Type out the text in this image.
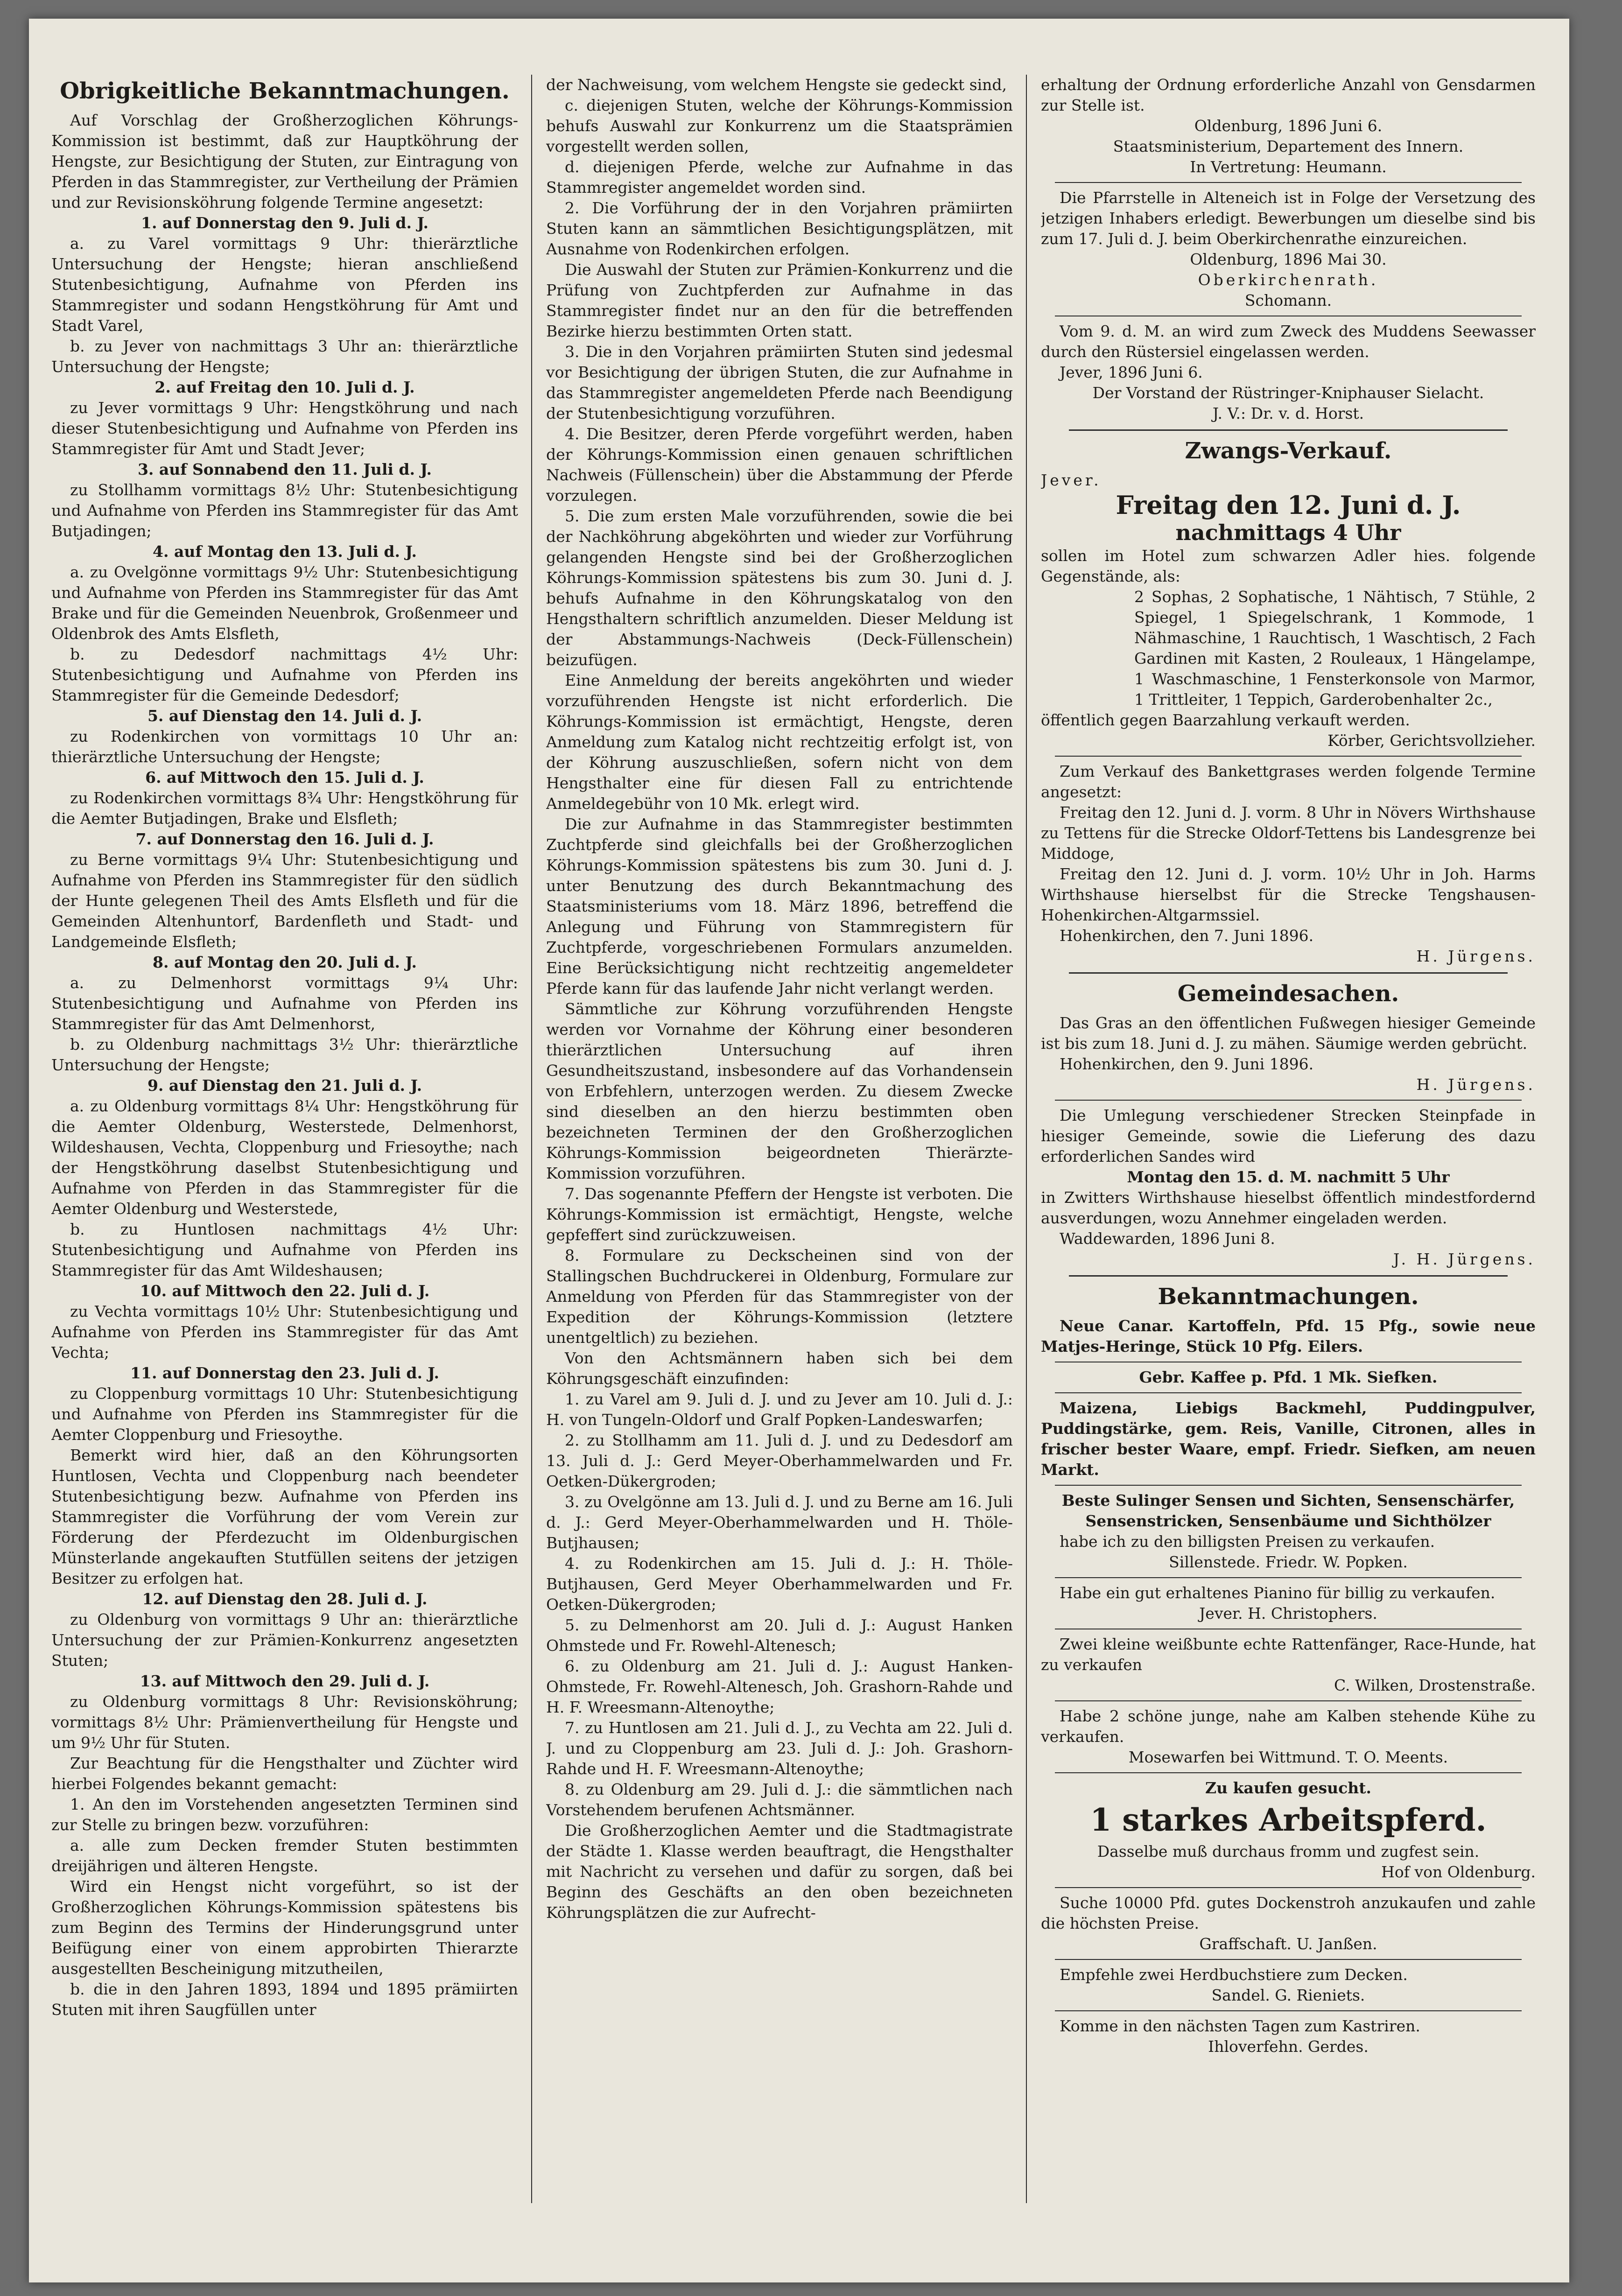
Obrigkeitliche Bekanntmachungen.

Auf Vorschlag der Großherzoglichen Köhrungs-Kommission ist bestimmt, daß zur Hauptköhrung der Hengste, zur Besichtigung der Stuten, zur Eintragung von Pferden in das Stammregister, zur Vertheilung der Prämien und zur Revisionsköhrung folgende Termine angesetzt:

1. auf Donnerstag den 9. Juli d. J.

a. zu Varel vormittags 9 Uhr: thierärztliche Untersuchung der Hengste; hieran anschließend Stutenbesichtigung, Aufnahme von Pferden ins Stammregister und sodann Hengstköhrung für Amt und Stadt Varel,

b. zu Jever von nachmittags 3 Uhr an: thierärztliche Untersuchung der Hengste;

2. auf Freitag den 10. Juli d. J.

zu Jever vormittags 9 Uhr: Hengstköhrung und nach dieser Stutenbesichtigung und Aufnahme von Pferden ins Stammregister für Amt und Stadt Jever;

3. auf Sonnabend den 11. Juli d. J.

zu Stollhamm vormittags 8½ Uhr: Stutenbesichtigung und Aufnahme von Pferden ins Stammregister für das Amt Butjadingen;

4. auf Montag den 13. Juli d. J.

a. zu Ovelgönne vormittags 9½ Uhr: Stutenbesichtigung und Aufnahme von Pferden ins Stammregister für das Amt Brake und für die Gemeinden Neuenbrok, Großenmeer und Oldenbrok des Amts Elsfleth,

b. zu Dedesdorf nachmittags 4½ Uhr: Stutenbesichtigung und Aufnahme von Pferden ins Stammregister für die Gemeinde Dedesdorf;

5. auf Dienstag den 14. Juli d. J.

zu Rodenkirchen von vormittags 10 Uhr an: thierärztliche Untersuchung der Hengste;

6. auf Mittwoch den 15. Juli d. J.

zu Rodenkirchen vormittags 8¾ Uhr: Hengstköhrung für die Aemter Butjadingen, Brake und Elsfleth;

7. auf Donnerstag den 16. Juli d. J.

zu Berne vormittags 9¼ Uhr: Stutenbesichtigung und Aufnahme von Pferden ins Stammregister für den südlich der Hunte gelegenen Theil des Amts Elsfleth und für die Gemeinden Altenhuntorf, Bardenfleth und Stadt- und Landgemeinde Elsfleth;

8. auf Montag den 20. Juli d. J.

a. zu Delmenhorst vormittags 9¼ Uhr: Stutenbesichtigung und Aufnahme von Pferden ins Stammregister für das Amt Delmenhorst,

b. zu Oldenburg nachmittags 3½ Uhr: thierärztliche Untersuchung der Hengste;

9. auf Dienstag den 21. Juli d. J.

a. zu Oldenburg vormittags 8¼ Uhr: Hengstköhrung für die Aemter Oldenburg, Westerstede, Delmenhorst, Wildeshausen, Vechta, Cloppenburg und Friesoythe; nach der Hengstköhrung daselbst Stutenbesichtigung und Aufnahme von Pferden in das Stammregister für die Aemter Oldenburg und Westerstede,

b. zu Huntlosen nachmittags 4½ Uhr: Stutenbesichtigung und Aufnahme von Pferden ins Stammregister für das Amt Wildeshausen;

10. auf Mittwoch den 22. Juli d. J.

zu Vechta vormittags 10½ Uhr: Stutenbesichtigung und Aufnahme von Pferden ins Stammregister für das Amt Vechta;

11. auf Donnerstag den 23. Juli d. J.

zu Cloppenburg vormittags 10 Uhr: Stutenbesichtigung und Aufnahme von Pferden ins Stammregister für die Aemter Cloppenburg und Friesoythe.

Bemerkt wird hier, daß an den Köhrungsorten Huntlosen, Vechta und Cloppenburg nach beendeter Stutenbesichtigung bezw. Aufnahme von Pferden ins Stammregister die Vorführung der vom Verein zur Förderung der Pferdezucht im Oldenburgischen Münsterlande angekauften Stutfüllen seitens der jetzigen Besitzer zu erfolgen hat.

12. auf Dienstag den 28. Juli d. J.

zu Oldenburg von vormittags 9 Uhr an: thierärztliche Untersuchung der zur Prämien-Konkurrenz angesetzten Stuten;

13. auf Mittwoch den 29. Juli d. J.

zu Oldenburg vormittags 8 Uhr: Revisionsköhrung; vormittags 8½ Uhr: Prämienvertheilung für Hengste und um 9½ Uhr für Stuten.

Zur Beachtung für die Hengsthalter und Züchter wird hierbei Folgendes bekannt gemacht:

1. An den im Vorstehenden angesetzten Terminen sind zur Stelle zu bringen bezw. vorzuführen:

a. alle zum Decken fremder Stuten bestimmten dreijährigen und älteren Hengste.

Wird ein Hengst nicht vorgeführt, so ist der Großherzoglichen Köhrungs-Kommission spätestens bis zum Beginn des Termins der Hinderungsgrund unter Beifügung einer von einem approbirten Thierarzte ausgestellten Bescheinigung mitzutheilen,

b. die in den Jahren 1893, 1894 und 1895 prämiirten Stuten mit ihren Saugfüllen unter

der Nachweisung, vom welchem Hengste sie gedeckt sind,

c. diejenigen Stuten, welche der Köhrungs-Kommission behufs Auswahl zur Konkurrenz um die Staatsprämien vorgestellt werden sollen,

d. diejenigen Pferde, welche zur Aufnahme in das Stammregister angemeldet worden sind.

2. Die Vorführung der in den Vorjahren prämiirten Stuten kann an sämmtlichen Besichtigungsplätzen, mit Ausnahme von Rodenkirchen erfolgen.

Die Auswahl der Stuten zur Prämien-Konkurrenz und die Prüfung von Zuchtpferden zur Aufnahme in das Stammregister findet nur an den für die betreffenden Bezirke hierzu bestimmten Orten statt.

3. Die in den Vorjahren prämiirten Stuten sind jedesmal vor Besichtigung der übrigen Stuten, die zur Aufnahme in das Stammregister angemeldeten Pferde nach Beendigung der Stutenbesichtigung vorzuführen.

4. Die Besitzer, deren Pferde vorgeführt werden, haben der Köhrungs-Kommission einen genauen schriftlichen Nachweis (Füllenschein) über die Abstammung der Pferde vorzulegen.

5. Die zum ersten Male vorzuführenden, sowie die bei der Nachköhrung abgeköhrten und wieder zur Vorführung gelangenden Hengste sind bei der Großherzoglichen Köhrungs-Kommission spätestens bis zum 30. Juni d. J. behufs Aufnahme in den Köhrungskatalog von den Hengsthaltern schriftlich anzumelden. Dieser Meldung ist der Abstammungs-Nachweis (Deck-Füllenschein) beizufügen.

Eine Anmeldung der bereits angeköhrten und wieder vorzuführenden Hengste ist nicht erforderlich. Die Köhrungs-Kommission ist ermächtigt, Hengste, deren Anmeldung zum Katalog nicht rechtzeitig erfolgt ist, von der Köhrung auszuschließen, sofern nicht von dem Hengsthalter eine für diesen Fall zu entrichtende Anmeldegebühr von 10 Mk. erlegt wird.

Die zur Aufnahme in das Stammregister bestimmten Zuchtpferde sind gleichfalls bei der Großherzoglichen Köhrungs-Kommission spätestens bis zum 30. Juni d. J. unter Benutzung des durch Bekanntmachung des Staatsministeriums vom 18. März 1896, betreffend die Anlegung und Führung von Stammregistern für Zuchtpferde, vorgeschriebenen Formulars anzumelden. Eine Berücksichtigung nicht rechtzeitig angemeldeter Pferde kann für das laufende Jahr nicht verlangt werden.

Sämmtliche zur Köhrung vorzuführenden Hengste werden vor Vornahme der Köhrung einer besonderen thierärztlichen Untersuchung auf ihren Gesundheitszustand, insbesondere auf das Vorhandensein von Erbfehlern, unterzogen werden. Zu diesem Zwecke sind dieselben an den hierzu bestimmten oben bezeichneten Terminen der den Großherzoglichen Köhrungs-Kommission beigeordneten Thierärzte-Kommission vorzuführen.

7. Das sogenannte Pfeffern der Hengste ist verboten. Die Köhrungs-Kommission ist ermächtigt, Hengste, welche gepfeffert sind zurückzuweisen.

8. Formulare zu Deckscheinen sind von der Stallingschen Buchdruckerei in Oldenburg, Formulare zur Anmeldung von Pferden für das Stammregister von der Expedition der Köhrungs-Kommission (letztere unentgeltlich) zu beziehen.

Von den Achtsmännern haben sich bei dem Köhrungsgeschäft einzufinden:

1. zu Varel am 9. Juli d. J. und zu Jever am 10. Juli d. J.: H. von Tungeln-Oldorf und Gralf Popken-Landeswarfen;

2. zu Stollhamm am 11. Juli d. J. und zu Dedesdorf am 13. Juli d. J.: Gerd Meyer-Oberhammelwarden und Fr. Oetken-Dükergroden;

3. zu Ovelgönne am 13. Juli d. J. und zu Berne am 16. Juli d. J.: Gerd Meyer-Oberhammelwarden und H. Thöle-Butjhausen;

4. zu Rodenkirchen am 15. Juli d. J.: H. Thöle-Butjhausen, Gerd Meyer Oberhammelwarden und Fr. Oetken-Dükergroden;

5. zu Delmenhorst am 20. Juli d. J.: August Hanken Ohmstede und Fr. Rowehl-Altenesch;

6. zu Oldenburg am 21. Juli d. J.: August Hanken-Ohmstede, Fr. Rowehl-Altenesch, Joh. Grashorn-Rahde und H. F. Wreesmann-Altenoythe;

7. zu Huntlosen am 21. Juli d. J., zu Vechta am 22. Juli d. J. und zu Cloppenburg am 23. Juli d. J.: Joh. Grashorn-Rahde und H. F. Wreesmann-Altenoythe;

8. zu Oldenburg am 29. Juli d. J.: die sämmtlichen nach Vorstehendem berufenen Achtsmänner.

Die Großherzoglichen Aemter und die Stadtmagistrate der Städte 1. Klasse werden beauftragt, die Hengsthalter mit Nachricht zu versehen und dafür zu sorgen, daß bei Beginn des Geschäfts an den oben bezeichneten Köhrungsplätzen die zur Aufrecht-

erhaltung der Ordnung erforderliche Anzahl von Gensdarmen zur Stelle ist.

Oldenburg, 1896 Juni 6.

Staatsministerium, Departement des Innern.

In Vertretung: Heumann.

Die Pfarrstelle in Alteneich ist in Folge der Versetzung des jetzigen Inhabers erledigt. Bewerbungen um dieselbe sind bis zum 17. Juli d. J. beim Oberkirchenrathe einzureichen.

Oldenburg, 1896 Mai 30.

Oberkirchenrath.

Schomann.

Vom 9. d. M. an wird zum Zweck des Muddens Seewasser durch den Rüstersiel eingelassen werden.

Jever, 1896 Juni 6.

Der Vorstand der Rüstringer-Kniphauser Sielacht.

J. V.: Dr. v. d. Horst.

Zwangs-Verkauf.

Jever.

Freitag den 12. Juni d. J.
nachmittags 4 Uhr

sollen im Hotel zum schwarzen Adler hies. folgende Gegenstände, als:

2 Sophas, 2 Sophatische, 1 Nähtisch, 7 Stühle, 2 Spiegel, 1 Spiegelschrank, 1 Kommode, 1 Nähmaschine, 1 Rauchtisch, 1 Waschtisch, 2 Fach Gardinen mit Kasten, 2 Rouleaux, 1 Hängelampe, 1 Waschmaschine, 1 Fensterkonsole von Marmor, 1 Trittleiter, 1 Teppich, Garderobenhalter 2c.,

öffentlich gegen Baarzahlung verkauft werden.

Körber, Gerichtsvollzieher.

Zum Verkauf des Bankettgrases werden folgende Termine angesetzt:

Freitag den 12. Juni d. J. vorm. 8 Uhr in Növers Wirthshause zu Tettens für die Strecke Oldorf-Tettens bis Landesgrenze bei Middoge,

Freitag den 12. Juni d. J. vorm. 10½ Uhr in Joh. Harms Wirthshause hierselbst für die Strecke Tengshausen-Hohenkirchen-Altgarmssiel.

Hohenkirchen, den 7. Juni 1896.

H. Jürgens.

Gemeindesachen.

Das Gras an den öffentlichen Fußwegen hiesiger Gemeinde ist bis zum 18. Juni d. J. zu mähen. Säumige werden gebrücht.

Hohenkirchen, den 9. Juni 1896.

H. Jürgens.

Die Umlegung verschiedener Strecken Steinpfade in hiesiger Gemeinde, sowie die Lieferung des dazu erforderlichen Sandes wird

Montag den 15. d. M. nachmitt 5 Uhr

in Zwitters Wirthshause hieselbst öffentlich mindestfordernd ausverdungen, wozu Annehmer eingeladen werden.

Waddewarden, 1896 Juni 8.

J. H. Jürgens.

Bekanntmachungen.

Neue Canar. Kartoffeln, Pfd. 15 Pfg., sowie neue Matjes-Heringe, Stück 10 Pfg. Eilers.

Gebr. Kaffee p. Pfd. 1 Mk. Siefken.

Maizena, Liebigs Backmehl, Puddingpulver, Puddingstärke, gem. Reis, Vanille, Citronen, alles in frischer bester Waare, empf. Friedr. Siefken, am neuen Markt.

Beste Sulinger Sensen und Sichten, Sensenschärfer, Sensenstricken, Sensenbäume und Sichthölzer

habe ich zu den billigsten Preisen zu verkaufen.

Sillenstede. Friedr. W. Popken.

Habe ein gut erhaltenes Pianino für billig zu verkaufen.

Jever. H. Christophers.

Zwei kleine weißbunte echte Rattenfänger, Race-Hunde, hat zu verkaufen

C. Wilken, Drostenstraße.

Habe 2 schöne junge, nahe am Kalben stehende Kühe zu verkaufen.

Mosewarfen bei Wittmund. T. O. Meents.

Zu kaufen gesucht.

1 starkes Arbeitspferd.

Dasselbe muß durchaus fromm und zugfest sein.

Hof von Oldenburg.

Suche 10000 Pfd. gutes Dockenstroh anzukaufen und zahle die höchsten Preise.

Graffschaft. U. Janßen.

Empfehle zwei Herdbuchstiere zum Decken.

Sandel. G. Rieniets.

Komme in den nächsten Tagen zum Kastriren.

Ihloverfehn. Gerdes.
